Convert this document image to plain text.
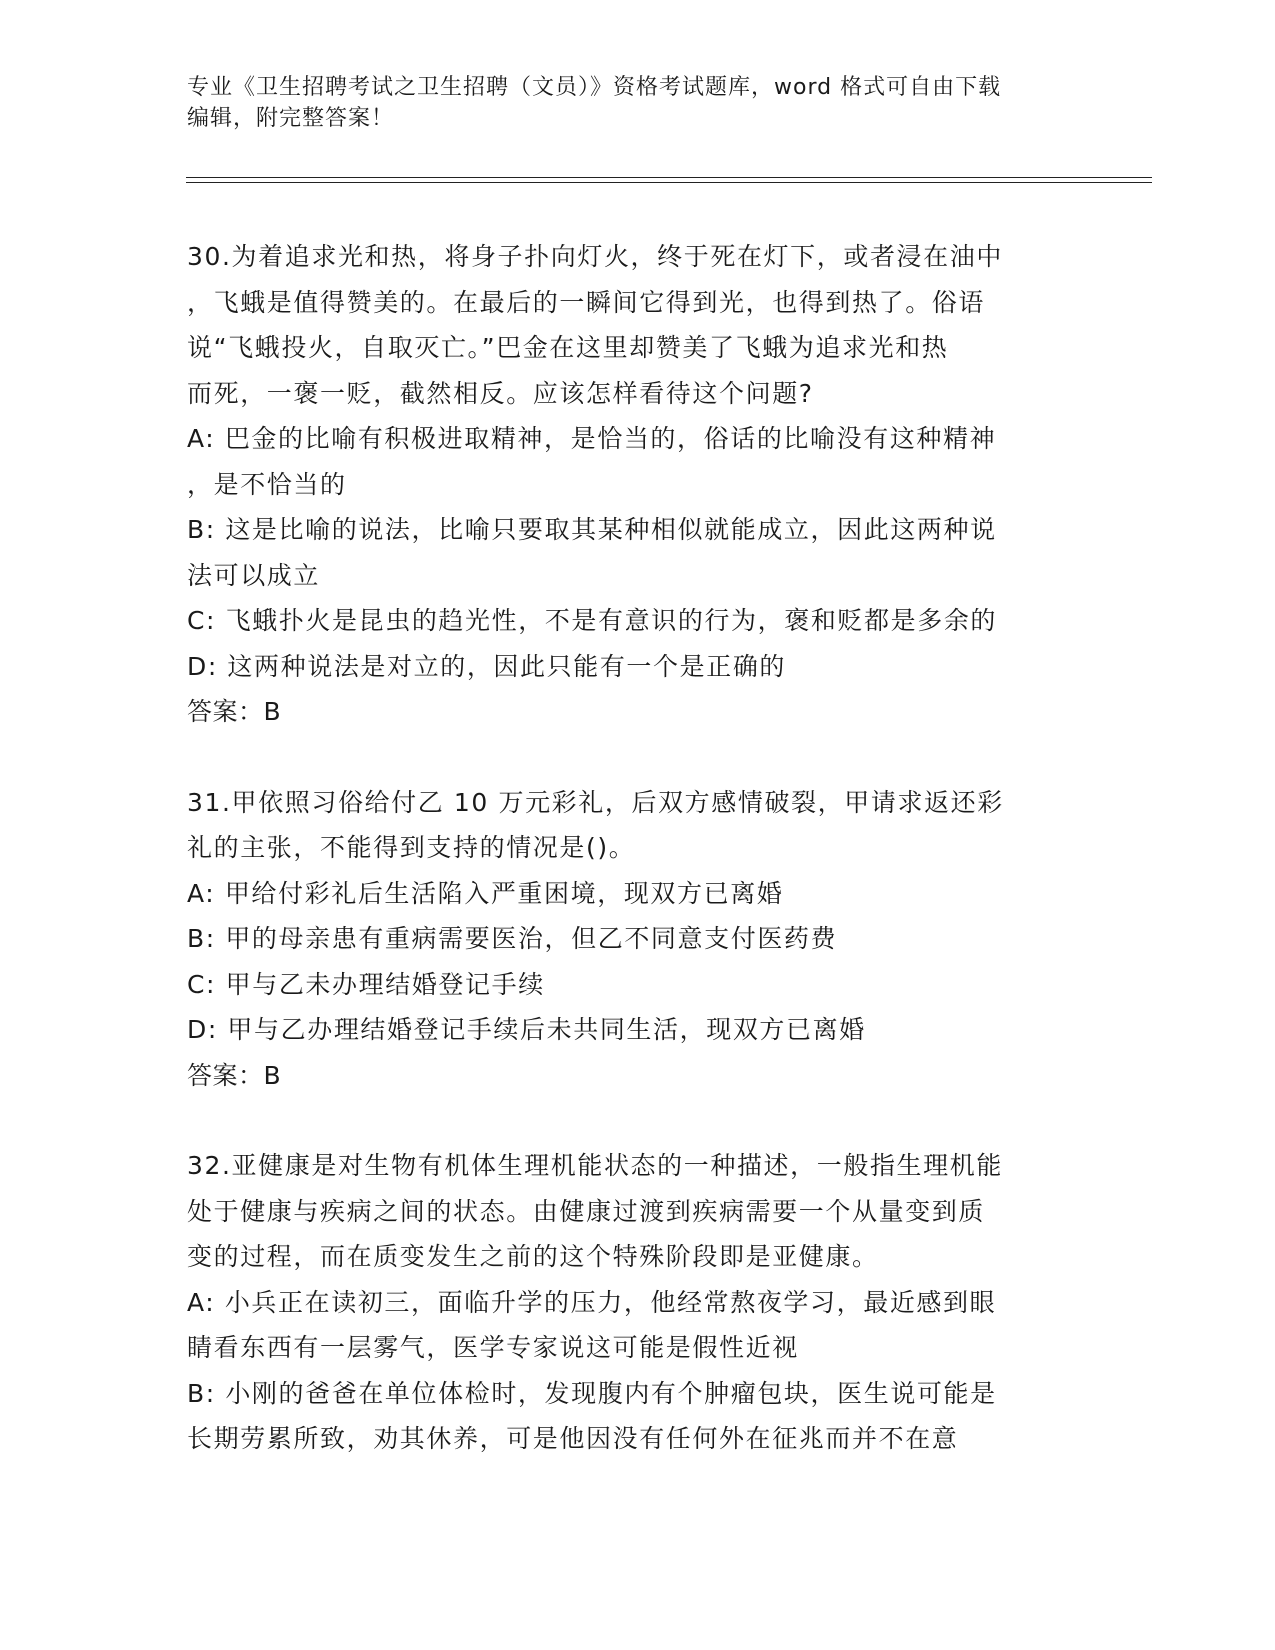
专业《卫生招聘考试之卫生招聘（文员）》资格考试题库，word 格式可自由下载
编辑，附完整答案！
30.为着追求光和热，将身子扑向灯火，终于死在灯下，或者浸在油中
，飞蛾是值得赞美的。在最后的一瞬间它得到光，也得到热了。俗语
说“飞蛾投火，自取灭亡。”巴金在这里却赞美了飞蛾为追求光和热
而死，一褒一贬，截然相反。应该怎样看待这个问题?
A: 巴金的比喻有积极进取精神，是恰当的，俗话的比喻没有这种精神
，是不恰当的
B: 这是比喻的说法，比喻只要取其某种相似就能成立，因此这两种说
法可以成立
C: 飞蛾扑火是昆虫的趋光性，不是有意识的行为，褒和贬都是多余的
D: 这两种说法是对立的，因此只能有一个是正确的
答案：B
31.甲依照习俗给付乙 10 万元彩礼，后双方感情破裂，甲请求返还彩
礼的主张，不能得到支持的情况是()。
A: 甲给付彩礼后生活陷入严重困境，现双方已离婚
B: 甲的母亲患有重病需要医治，但乙不同意支付医药费
C: 甲与乙未办理结婚登记手续
D: 甲与乙办理结婚登记手续后未共同生活，现双方已离婚
答案：B
32.亚健康是对生物有机体生理机能状态的一种描述，一般指生理机能
处于健康与疾病之间的状态。由健康过渡到疾病需要一个从量变到质
变的过程，而在质变发生之前的这个特殊阶段即是亚健康。
A: 小兵正在读初三，面临升学的压力，他经常熬夜学习，最近感到眼
睛看东西有一层雾气，医学专家说这可能是假性近视
B: 小刚的爸爸在单位体检时，发现腹内有个肿瘤包块，医生说可能是
长期劳累所致，劝其休养，可是他因没有任何外在征兆而并不在意
